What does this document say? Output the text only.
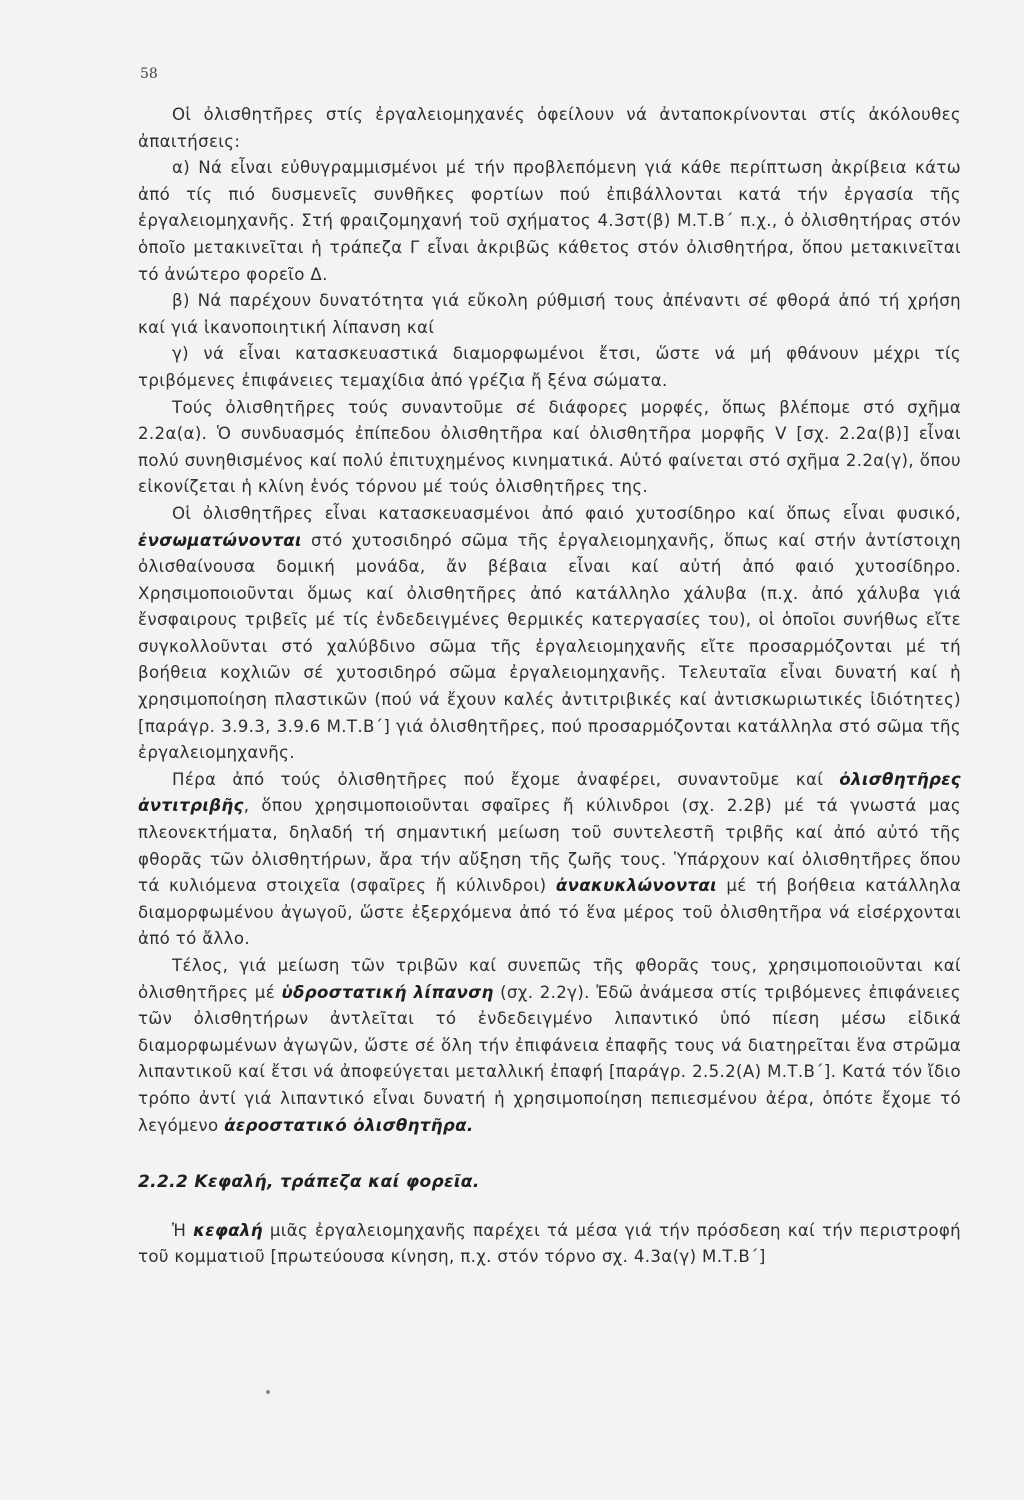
58

Οἱ ὀλισθητῆρες στίς ἐργαλειομηχανές ὀφείλουν νά ἀνταποκρίνονται στίς ἀκόλουθες ἀπαιτήσεις:

α) Νά εἶναι εὐθυγραμμισμένοι μέ τήν προβλεπόμενη γιά κάθε περίπτωση ἀκρίβεια κάτω ἀπό τίς πιό δυσμενεῖς συνθῆκες φορτίων πού ἐπιβάλλονται κατά τήν ἐργασία τῆς ἐργαλειομηχανῆς. Στή φραιζομηχανή τοῦ σχήματος 4.3στ(β) Μ.Τ.Β΄ π.χ., ὁ ὀλισθητήρας στόν ὁποῖο μετακινεῖται ἡ τράπεζα Γ εἶναι ἀκριβῶς κάθετος στόν ὀλισθητήρα, ὅπου μετακινεῖται τό ἀνώτερο φορεῖο Δ.

β) Νά παρέχουν δυνατότητα γιά εὔκολη ρύθμισή τους ἀπέναντι σέ φθορά ἀπό τή χρήση καί γιά ἱκανοποιητική λίπανση καί

γ) νά εἶναι κατασκευαστικά διαμορφωμένοι ἔτσι, ὥστε νά μή φθάνουν μέχρι τίς τριβόμενες ἐπιφάνειες τεμαχίδια ἀπό γρέζια ἤ ξένα σώματα.

Τούς ὀλισθητῆρες τούς συναντοῦμε σέ διάφορες μορφές, ὅπως βλέπομε στό σχῆμα 2.2α(α). Ὁ συνδυασμός ἐπίπεδου ὀλισθητῆρα καί ὀλισθητῆρα μορφῆς V [σχ. 2.2α(β)] εἶναι πολύ συνηθισμένος καί πολύ ἐπιτυχημένος κινηματικά. Αὐτό φαίνεται στό σχῆμα 2.2α(γ), ὅπου εἰκονίζεται ἡ κλίνη ἑνός τόρνου μέ τούς ὀλισθητῆρες της.

Οἱ ὀλισθητῆρες εἶναι κατασκευασμένοι ἀπό φαιό χυτοσίδηρο καί ὅπως εἶναι φυσικό, ἐνσωματώνονται στό χυτοσιδηρό σῶμα τῆς ἐργαλειομηχανῆς, ὅπως καί στήν ἀντίστοιχη ὀλισθαίνουσα δομική μονάδα, ἄν βέβαια εἶναι καί αὐτή ἀπό φαιό χυτοσίδηρο. Χρησιμοποιοῦνται ὅμως καί ὀλισθητῆρες ἀπό κατάλληλο χάλυβα (π.χ. ἀπό χάλυβα γιά ἔνσφαιρους τριβεῖς μέ τίς ἐνδεδειγμένες θερμικές κατεργασίες του), οἱ ὁποῖοι συνήθως εἴτε συγκολλοῦνται στό χαλύβδινο σῶμα τῆς ἐργαλειομηχανῆς εἴτε προσαρμόζονται μέ τή βοήθεια κοχλιῶν σέ χυτοσιδηρό σῶμα ἐργαλειομηχανῆς. Τελευταῖα εἶναι δυνατή καί ἡ χρησιμοποίηση πλαστικῶν (πού νά ἔχουν καλές ἀντιτριβικές καί ἀντισκωριωτικές ἰδιότητες) [παράγρ. 3.9.3, 3.9.6 Μ.Τ.Β΄] γιά ὀλισθητῆρες, πού προσαρμόζονται κατάλληλα στό σῶμα τῆς ἐργαλειομηχανῆς.

Πέρα ἀπό τούς ὀλισθητῆρες πού ἔχομε ἀναφέρει, συναντοῦμε καί ὀλισθητῆρες ἀντιτριβῆς, ὅπου χρησιμοποιοῦνται σφαῖρες ἤ κύλινδροι (σχ. 2.2β) μέ τά γνωστά μας πλεονεκτήματα, δηλαδή τή σημαντική μείωση τοῦ συντελεστῆ τριβῆς καί ἀπό αὐτό τῆς φθορᾶς τῶν ὀλισθητήρων, ἄρα τήν αὔξηση τῆς ζωῆς τους. Ὑπάρχουν καί ὀλισθητῆρες ὅπου τά κυλιόμενα στοιχεῖα (σφαῖρες ἤ κύλινδροι) ἀνακυκλώνονται μέ τή βοήθεια κατάλληλα διαμορφωμένου ἀγωγοῦ, ὥστε ἐξερχόμενα ἀπό τό ἕνα μέρος τοῦ ὀλισθητῆρα νά εἰσέρχονται ἀπό τό ἄλλο.

Τέλος, γιά μείωση τῶν τριβῶν καί συνεπῶς τῆς φθορᾶς τους, χρησιμοποιοῦνται καί ὀλισθητῆρες μέ ὑδροστατική λίπανση (σχ. 2.2γ). Ἐδῶ ἀνάμεσα στίς τριβόμενες ἐπιφάνειες τῶν ὀλισθητήρων ἀντλεῖται τό ἐνδεδειγμένο λιπαντικό ὑπό πίεση μέσω εἰδικά διαμορφωμένων ἀγωγῶν, ὥστε σέ ὅλη τήν ἐπιφάνεια ἐπαφῆς τους νά διατηρεῖται ἕνα στρῶμα λιπαντικοῦ καί ἔτσι νά ἀποφεύγεται μεταλλική ἐπαφή [παράγρ. 2.5.2(Α) Μ.Τ.Β΄]. Κατά τόν ἴδιο τρόπο ἀντί γιά λιπαντικό εἶναι δυνατή ἡ χρησιμοποίηση πεπιεσμένου ἀέρα, ὁπότε ἔχομε τό λεγόμενο ἀεροστατικό ὀλισθητῆρα.

2.2.2 Κεφαλή, τράπεζα καί φορεῖα.

Ἡ κεφαλή μιᾶς ἐργαλειομηχανῆς παρέχει τά μέσα γιά τήν πρόσδεση καί τήν περιστροφή τοῦ κομματιοῦ [πρωτεύουσα κίνηση, π.χ. στόν τόρνο σχ. 4.3α(γ) Μ.Τ.Β΄]
